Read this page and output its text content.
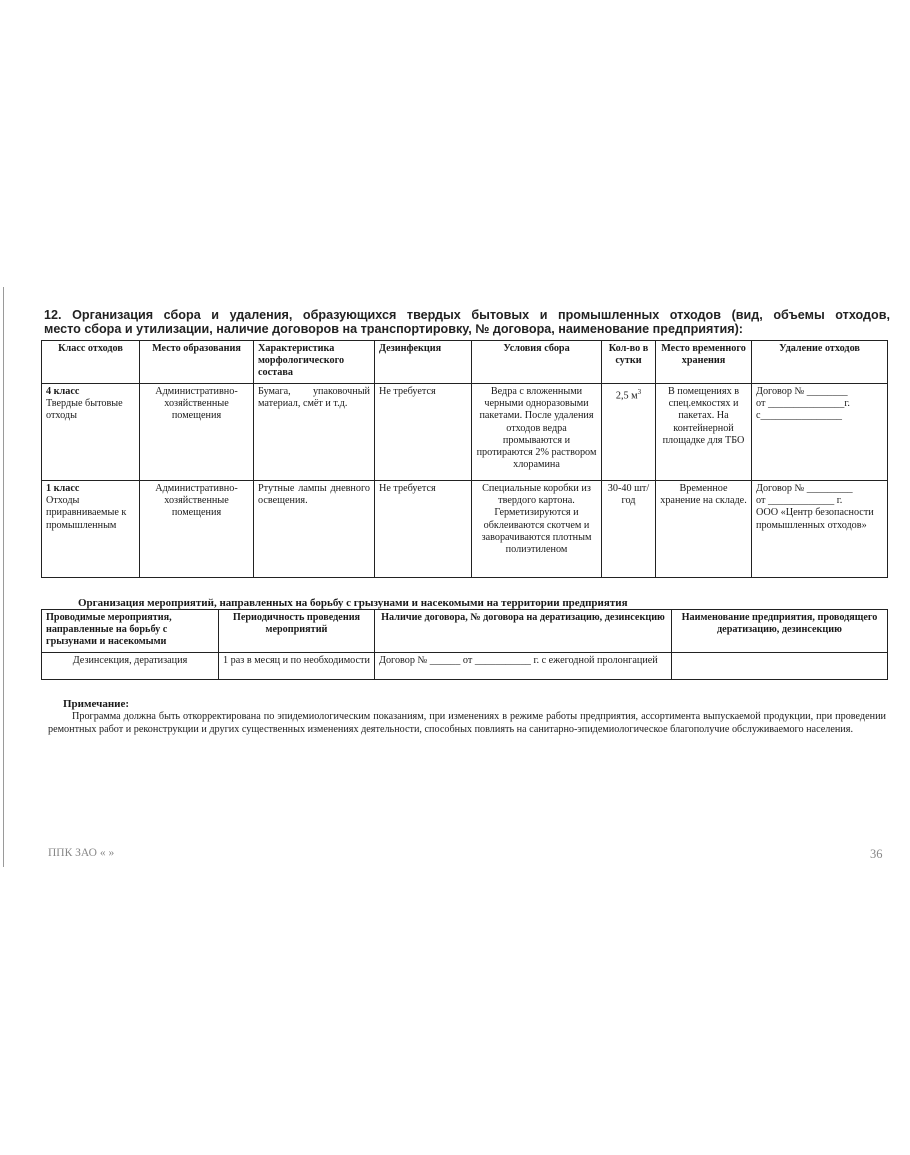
12. Организация сбора и удаления, образующихся твердых бытовых и промышленных отходов (вид, объемы отходов,
место сбора и утилизации, наличие договоров на транспортировку, № договора, наименование предприятия):
Класс отходов	Место образования	Характеристика морфологического состава	Дезинфекция	Условия сбора	Кол-во в сутки	Место временного хранения	Удаление отходов
4 класс
Твердые бытовые отходы	Административно-хозяйственные помещения	Бумага, упаковочный материал, смёт и т.д.	Не требуется	Ведра с вложенными черными одноразовыми пакетами. После удаления отходов ведра промываются и протираются 2% раствором хлорамина	2,5 $м^3$	В помещениях в спец.емкостях и пакетах. На контейнерной площадке для ТБО	Договор № ________
от _______________г.
с________________
1 класс
Отходы приравниваемые к промышленным	Административно-хозяйственные помещения	Ртутные лампы дневного освещения.	Не требуется	Специальные коробки из твердого картона. Герметизируются и обклеиваются скотчем и заворачиваются плотным полиэтиленом	30-40 шт/год	Временное хранение на складе.	Договор № _________
от _____________ г.
ООО «Центр безопасности промышленных отходов»
Организация мероприятий, направленных на борьбу с грызунами и насекомыми на территории предприятия
Проводимые мероприятия, направленные на борьбу с грызунами и насекомыми	Периодичность проведения мероприятий	Наличие договора, № договора на дератизацию, дезинсекцию	Наименование предприятия, проводящего дератизацию, дезинсекцию
Дезинсекция, дератизация	1 раз в месяц и по необходимости	Договор № ______ от ___________ г. с ежегодной пролонгацией	
Примечание:
Программа должна быть откорректирована по эпидемиологическим показаниям, при изменениях в режиме работы предприятия, ассортимента выпускаемой продукции, при проведении ремонтных работ и реконструкции и других существенных изменениях деятельности, способных повлиять на санитарно-эпидемиологическое благополучие обслуживаемого населения.
ППК ЗАО « »	36
